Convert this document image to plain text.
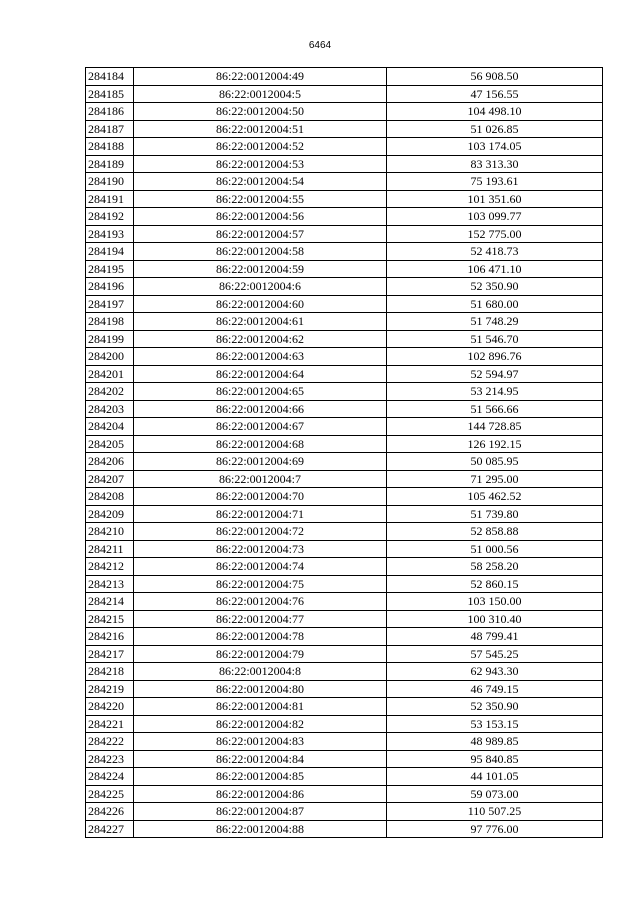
6464
284184	86:22:0012004:49	56 908.50
284185	86:22:0012004:5	47 156.55
284186	86:22:0012004:50	104 498.10
284187	86:22:0012004:51	51 026.85
284188	86:22:0012004:52	103 174.05
284189	86:22:0012004:53	83 313.30
284190	86:22:0012004:54	75 193.61
284191	86:22:0012004:55	101 351.60
284192	86:22:0012004:56	103 099.77
284193	86:22:0012004:57	152 775.00
284194	86:22:0012004:58	52 418.73
284195	86:22:0012004:59	106 471.10
284196	86:22:0012004:6	52 350.90
284197	86:22:0012004:60	51 680.00
284198	86:22:0012004:61	51 748.29
284199	86:22:0012004:62	51 546.70
284200	86:22:0012004:63	102 896.76
284201	86:22:0012004:64	52 594.97
284202	86:22:0012004:65	53 214.95
284203	86:22:0012004:66	51 566.66
284204	86:22:0012004:67	144 728.85
284205	86:22:0012004:68	126 192.15
284206	86:22:0012004:69	50 085.95
284207	86:22:0012004:7	71 295.00
284208	86:22:0012004:70	105 462.52
284209	86:22:0012004:71	51 739.80
284210	86:22:0012004:72	52 858.88
284211	86:22:0012004:73	51 000.56
284212	86:22:0012004:74	58 258.20
284213	86:22:0012004:75	52 860.15
284214	86:22:0012004:76	103 150.00
284215	86:22:0012004:77	100 310.40
284216	86:22:0012004:78	48 799.41
284217	86:22:0012004:79	57 545.25
284218	86:22:0012004:8	62 943.30
284219	86:22:0012004:80	46 749.15
284220	86:22:0012004:81	52 350.90
284221	86:22:0012004:82	53 153.15
284222	86:22:0012004:83	48 989.85
284223	86:22:0012004:84	95 840.85
284224	86:22:0012004:85	44 101.05
284225	86:22:0012004:86	59 073.00
284226	86:22:0012004:87	110 507.25
284227	86:22:0012004:88	97 776.00
